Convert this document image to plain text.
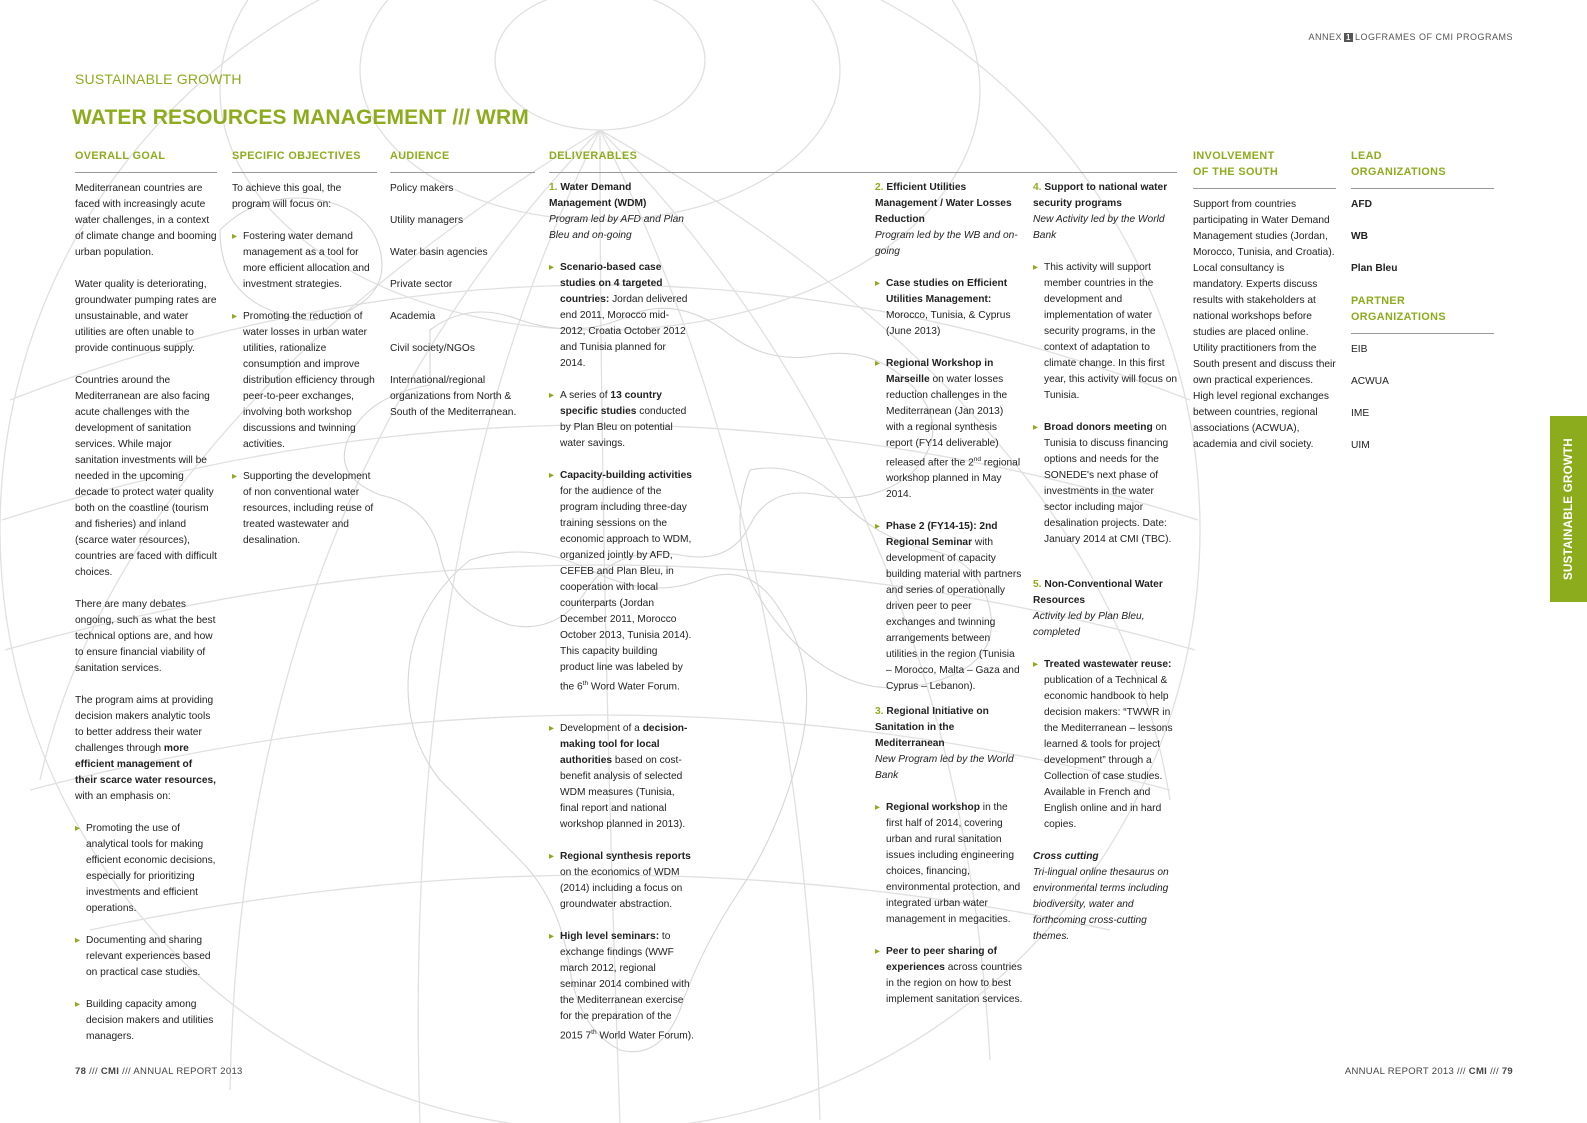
ANNEX 1 LOGFRAMES OF CMI PROGRAMS
SUSTAINABLE GROWTH
WATER RESOURCES MANAGEMENT /// WRM
OVERALL GOAL

Mediterranean countries are faced with increasingly acute water challenges, in a context of climate change and booming urban population.

Water quality is deteriorating, groundwater pumping rates are unsustainable, and water utilities are often unable to provide continuous supply.

Countries around the Mediterranean are also facing acute challenges with the development of sanitation services. While major sanitation investments will be needed in the upcoming decade to protect water quality both on the coastline (tourism and fisheries) and inland (scarce water resources), countries are faced with difficult choices.

There are many debates ongoing, such as what the best technical options are, and how to ensure financial viability of sanitation services.

The program aims at providing decision makers analytic tools to better address their water challenges through more efficient management of their scarce water resources, with an emphasis on:

▸ Promoting the use of analytical tools for making efficient economic decisions, especially for prioritizing investments and efficient operations.
▸ Documenting and sharing relevant experiences based on practical case studies.
▸ Building capacity among decision makers and utilities managers.
SPECIFIC OBJECTIVES

To achieve this goal, the program will focus on:

▸ Fostering water demand management as a tool for more efficient allocation and investment strategies.
▸ Promoting the reduction of water losses in urban water utilities, rationalize consumption and improve distribution efficiency through peer-to-peer exchanges, involving both workshop discussions and twinning activities.
▸ Supporting the development of non conventional water resources, including reuse of treated wastewater and desalination.
AUDIENCE
Policy makers
Utility managers
Water basin agencies
Private sector
Academia
Civil society/NGOs
International/regional organizations from North & South of the Mediterranean.
DELIVERABLES
1. Water Demand Management (WDM)

Program led by AFD and Plan Bleu and on-going

▸ Scenario-based case studies on 4 targeted countries: Jordan delivered end 2011, Morocco mid-2012, Croatia October 2012 and Tunisia planned for 2014.
▸ A series of 13 country specific studies conducted by Plan Bleu on potential water savings.
▸ Capacity-building activities for the audience of the program including three-day training sessions on the economic approach to WDM, organized jointly by AFD, CEFEB and Plan Bleu, in cooperation with local counterparts (Jordan December 2011, Morocco October 2013, Tunisia 2014). This capacity building product line was labeled by the 6th Word Water Forum.
▸ Development of a decision-making tool for local authorities based on cost-benefit analysis of selected WDM measures (Tunisia, final report and national workshop planned in 2013).
▸ Regional synthesis reports on the economics of WDM (2014) including a focus on groundwater abstraction.
▸ High level seminars: to exchange findings (WWF march 2012, regional seminar 2014 combined with the Mediterranean exercise for the preparation of the 2015 7th World Water Forum).
2. Efficient Utilities Management / Water Losses Reduction

Program led by the WB and on-going

▸ Case studies on Efficient Utilities Management: Morocco, Tunisia, & Cyprus (June 2013)
▸ Regional Workshop in Marseille on water losses reduction challenges in the Mediterranean (Jan 2013) with a regional synthesis report (FY14 deliverable) released after the 2nd regional workshop planned in May 2014.
▸ Phase 2 (FY14-15): 2nd Regional Seminar with development of capacity building material with partners and series of operationally driven peer to peer exchanges and twinning arrangements between utilities in the region (Tunisia – Morocco, Malta – Gaza and Cyprus – Lebanon).
3. Regional Initiative on Sanitation in the Mediterranean

New Program led by the World Bank

▸ Regional workshop in the first half of 2014, covering urban and rural sanitation issues including engineering choices, financing, environmental protection, and integrated urban water management in megacities.
▸ Peer to peer sharing of experiences across countries in the region on how to best implement sanitation services.
4. Support to national water security programs

New Activity led by the World Bank

▸ This activity will support member countries in the development and implementation of water security programs, in the context of adaptation to climate change. In this first year, this activity will focus on Tunisia.
▸ Broad donors meeting on Tunisia to discuss financing options and needs for the SONEDE's next phase of investments in the water sector including major desalination projects. Date: January 2014 at CMI (TBC).
5. Non-Conventional Water Resources

Activity led by Plan Bleu, completed

▸ Treated wastewater reuse: publication of a Technical & economic handbook to help decision makers: “TWWR in the Mediterranean – lessons learned & tools for project development” through a Collection of case studies. Available in French and English online and in hard copies.
Cross cutting
Tri-lingual online thesaurus on environmental terms including biodiversity, water and forthcoming cross-cutting themes.
INVOLVEMENT
OF THE SOUTH

Support from countries participating in Water Demand Management studies (Jordan, Morocco, Tunisia, and Croatia). Local consultancy is mandatory. Experts discuss results with stakeholders at national workshops before studies are placed online. Utility practitioners from the South present and discuss their own practical experiences. High level regional exchanges between countries, regional associations (ACWUA), academia and civil society.

LEAD
ORGANIZATIONS
AFD
WB
Plan Bleu
PARTNER
ORGANIZATIONS
EIB
ACWUA
IME
UIM	SUSTAINABLE GROWTH
78 /// CMI /// ANNUAL REPORT 2013	ANNUAL REPORT 2013 /// CMI /// 79
